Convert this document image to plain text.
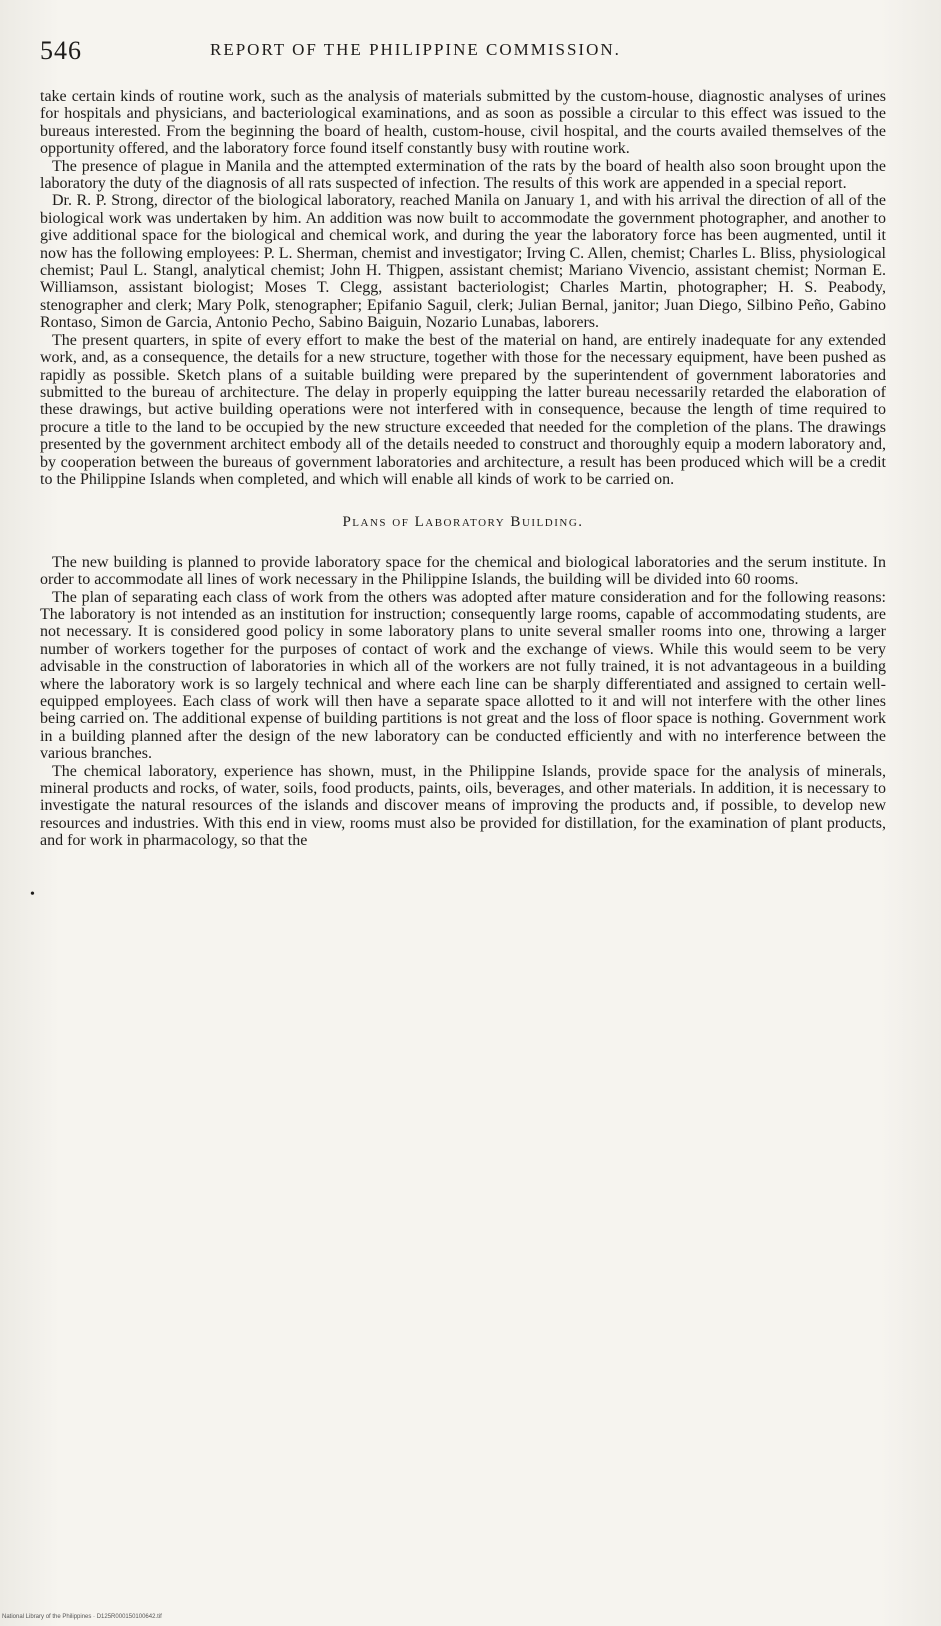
546	REPORT OF THE PHILIPPINE COMMISSION.
•

take certain kinds of routine work, such as the analysis of materials submitted by the custom-house, diagnostic analyses of urines for hospitals and physicians, and bacteriological examinations, and as soon as possible a circular to this effect was issued to the bureaus interested. From the beginning the board of health, custom-house, civil hospital, and the courts availed themselves of the opportunity offered, and the laboratory force found itself constantly busy with routine work.

The presence of plague in Manila and the attempted extermination of the rats by the board of health also soon brought upon the laboratory the duty of the diagnosis of all rats suspected of infection. The results of this work are appended in a special report.

Dr. R. P. Strong, director of the biological laboratory, reached Manila on January 1, and with his arrival the direction of all of the biological work was undertaken by him. An addition was now built to accommodate the government photographer, and another to give additional space for the biological and chemical work, and during the year the laboratory force has been augmented, until it now has the following employees: P. L. Sherman, chemist and investigator; Irving C. Allen, chemist; Charles L. Bliss, physiological chemist; Paul L. Stangl, analytical chemist; John H. Thigpen, assistant chemist; Mariano Vivencio, assistant chemist; Norman E. Williamson, assistant biologist; Moses T. Clegg, assistant bacteriologist; Charles Martin, photographer; H. S. Peabody, stenographer and clerk; Mary Polk, stenographer; Epifanio Saguil, clerk; Julian Bernal, janitor; Juan Diego, Silbino Peño, Gabino Rontaso, Simon de Garcia, Antonio Pecho, Sabino Baiguin, Nozario Lunabas, laborers.

The present quarters, in spite of every effort to make the best of the material on hand, are entirely inadequate for any extended work, and, as a consequence, the details for a new structure, together with those for the necessary equipment, have been pushed as rapidly as possible. Sketch plans of a suitable building were prepared by the superintendent of government laboratories and submitted to the bureau of architecture. The delay in properly equipping the latter bureau necessarily retarded the elaboration of these drawings, but active building operations were not interfered with in consequence, because the length of time required to procure a title to the land to be occupied by the new structure exceeded that needed for the completion of the plans. The drawings presented by the government architect embody all of the details needed to construct and thoroughly equip a modern laboratory and, by cooperation between the bureaus of government laboratories and architecture, a result has been produced which will be a credit to the Philippine Islands when completed, and which will enable all kinds of work to be carried on.

Plans of Laboratory Building.

The new building is planned to provide laboratory space for the chemical and biological laboratories and the serum institute. In order to accommodate all lines of work necessary in the Philippine Islands, the building will be divided into 60 rooms.

The plan of separating each class of work from the others was adopted after mature consideration and for the following reasons: The laboratory is not intended as an institution for instruction; consequently large rooms, capable of accommodating students, are not necessary. It is considered good policy in some laboratory plans to unite several smaller rooms into one, throwing a larger number of workers together for the purposes of contact of work and the exchange of views. While this would seem to be very advisable in the construction of laboratories in which all of the workers are not fully trained, it is not advantageous in a building where the laboratory work is so largely technical and where each line can be sharply differentiated and assigned to certain well-equipped employees. Each class of work will then have a separate space allotted to it and will not interfere with the other lines being carried on. The additional expense of building partitions is not great and the loss of floor space is nothing. Government work in a building planned after the design of the new laboratory can be conducted efficiently and with no interference between the various branches.

The chemical laboratory, experience has shown, must, in the Philippine Islands, provide space for the analysis of minerals, mineral products and rocks, of water, soils, food products, paints, oils, beverages, and other materials. In addition, it is necessary to investigate the natural resources of the islands and discover means of improving the products and, if possible, to develop new resources and industries. With this end in view, rooms must also be provided for distillation, for the examination of plant products, and for work in pharmacology, so that the

National Library of the Philippines · D125R000150100642.tif
